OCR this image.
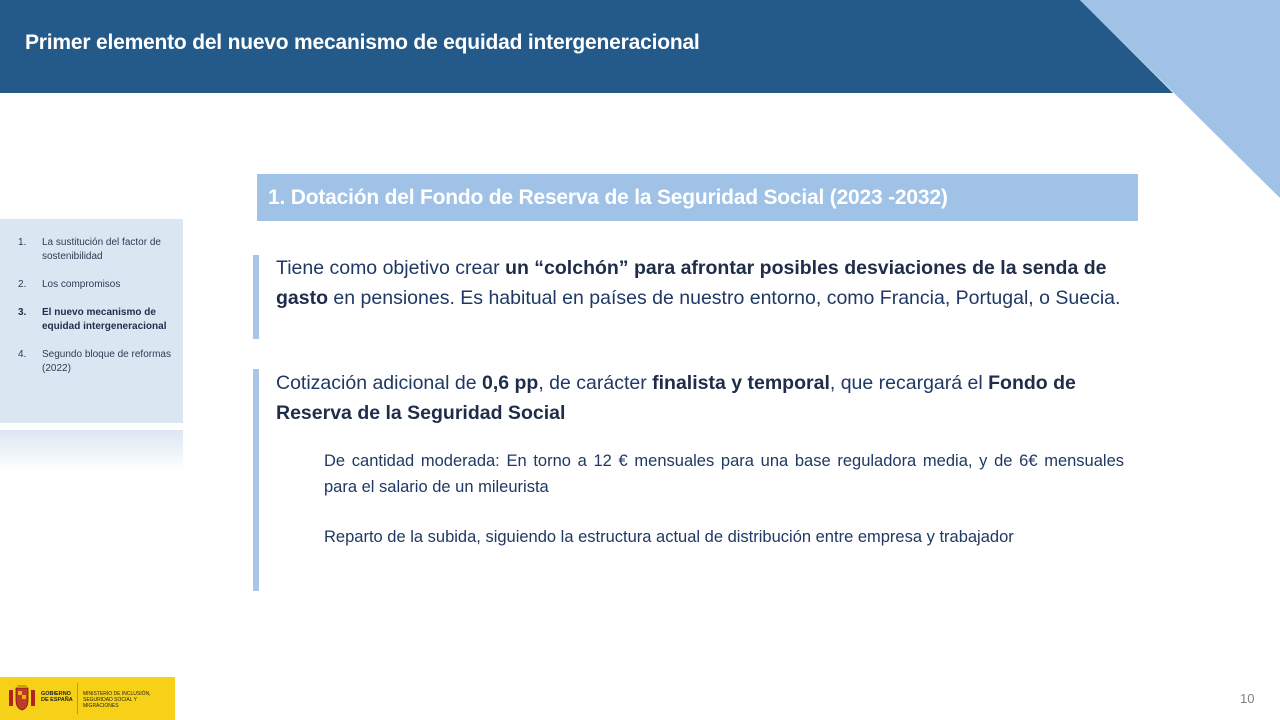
Primer elemento del nuevo mecanismo de equidad intergeneracional
1.	La sustitución del factor de sostenibilidad
2.	Los compromisos
3.	El nuevo mecanismo de equidad intergeneracional
4.	Segundo bloque de reformas (2022)
1. Dotación del Fondo de Reserva de la Seguridad Social (2023 -2032)
Tiene como objetivo crear un “colchón” para afrontar posibles desviaciones de la senda de gasto en pensiones. Es habitual en países de nuestro entorno, como Francia, Portugal, o Suecia.
Cotización adicional de 0,6 pp, de carácter finalista y temporal, que recargará el Fondo de Reserva de la Seguridad Social
De cantidad moderada: En torno a 12 € mensuales para una base reguladora media, y de 6€ mensuales para el salario de un mileurista
Reparto de la subida, siguiendo la estructura actual de distribución entre empresa y trabajador
GOBIERNO DE ESPAÑA
MINISTERIO DE INCLUSIÓN, SEGURIDAD SOCIAL Y MIGRACIONES	10
